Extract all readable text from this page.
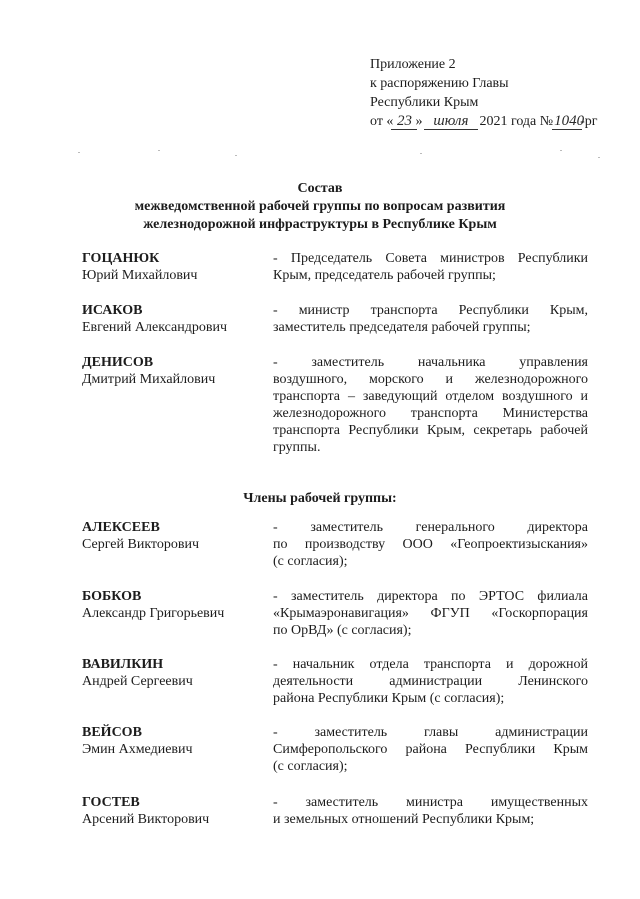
Приложение 2
к распоряжению Главы
Республики Крым
от « 23 » шюля 2021 года №1040-рг
Состав
межведомственной рабочей группы по вопросам развития
железнодорожной инфраструктуры в Республике Крым
ГОЦАНЮК
Юрий Михайлович
- Председатель Совета министров Республики
Крым, председатель рабочей группы;
ИСАКОВ
Евгений Александрович
- министр транспорта Республики Крым,
заместитель председателя рабочей группы;
ДЕНИСОВ
Дмитрий Михайлович
- заместитель начальника управления
воздушного, морского и железнодорожного
транспорта – заведующий отделом воздушного и
железнодорожного транспорта Министерства
транспорта Республики Крым, секретарь рабочей
группы.
Члены рабочей группы:
АЛЕКСЕЕВ
Сергей Викторович
- заместитель генерального директора
по производству ООО «Геопроектизыскания»
(с согласия);
БОБКОВ
Александр Григорьевич
- заместитель директора по ЭРТОС филиала
«Крымаэронавигация» ФГУП «Госкорпорация
по ОрВД» (с согласия);
ВАВИЛКИН
Андрей Сергеевич
- начальник отдела транспорта и дорожной
деятельности администрации Ленинского
района Республики Крым (с согласия);
ВЕЙСОВ
Эмин Ахмедиевич
- заместитель главы администрации
Симферопольского района Республики Крым
(с согласия);
ГОСТЕВ
Арсений Викторович
- заместитель министра имущественных
и земельных отношений Республики Крым;
